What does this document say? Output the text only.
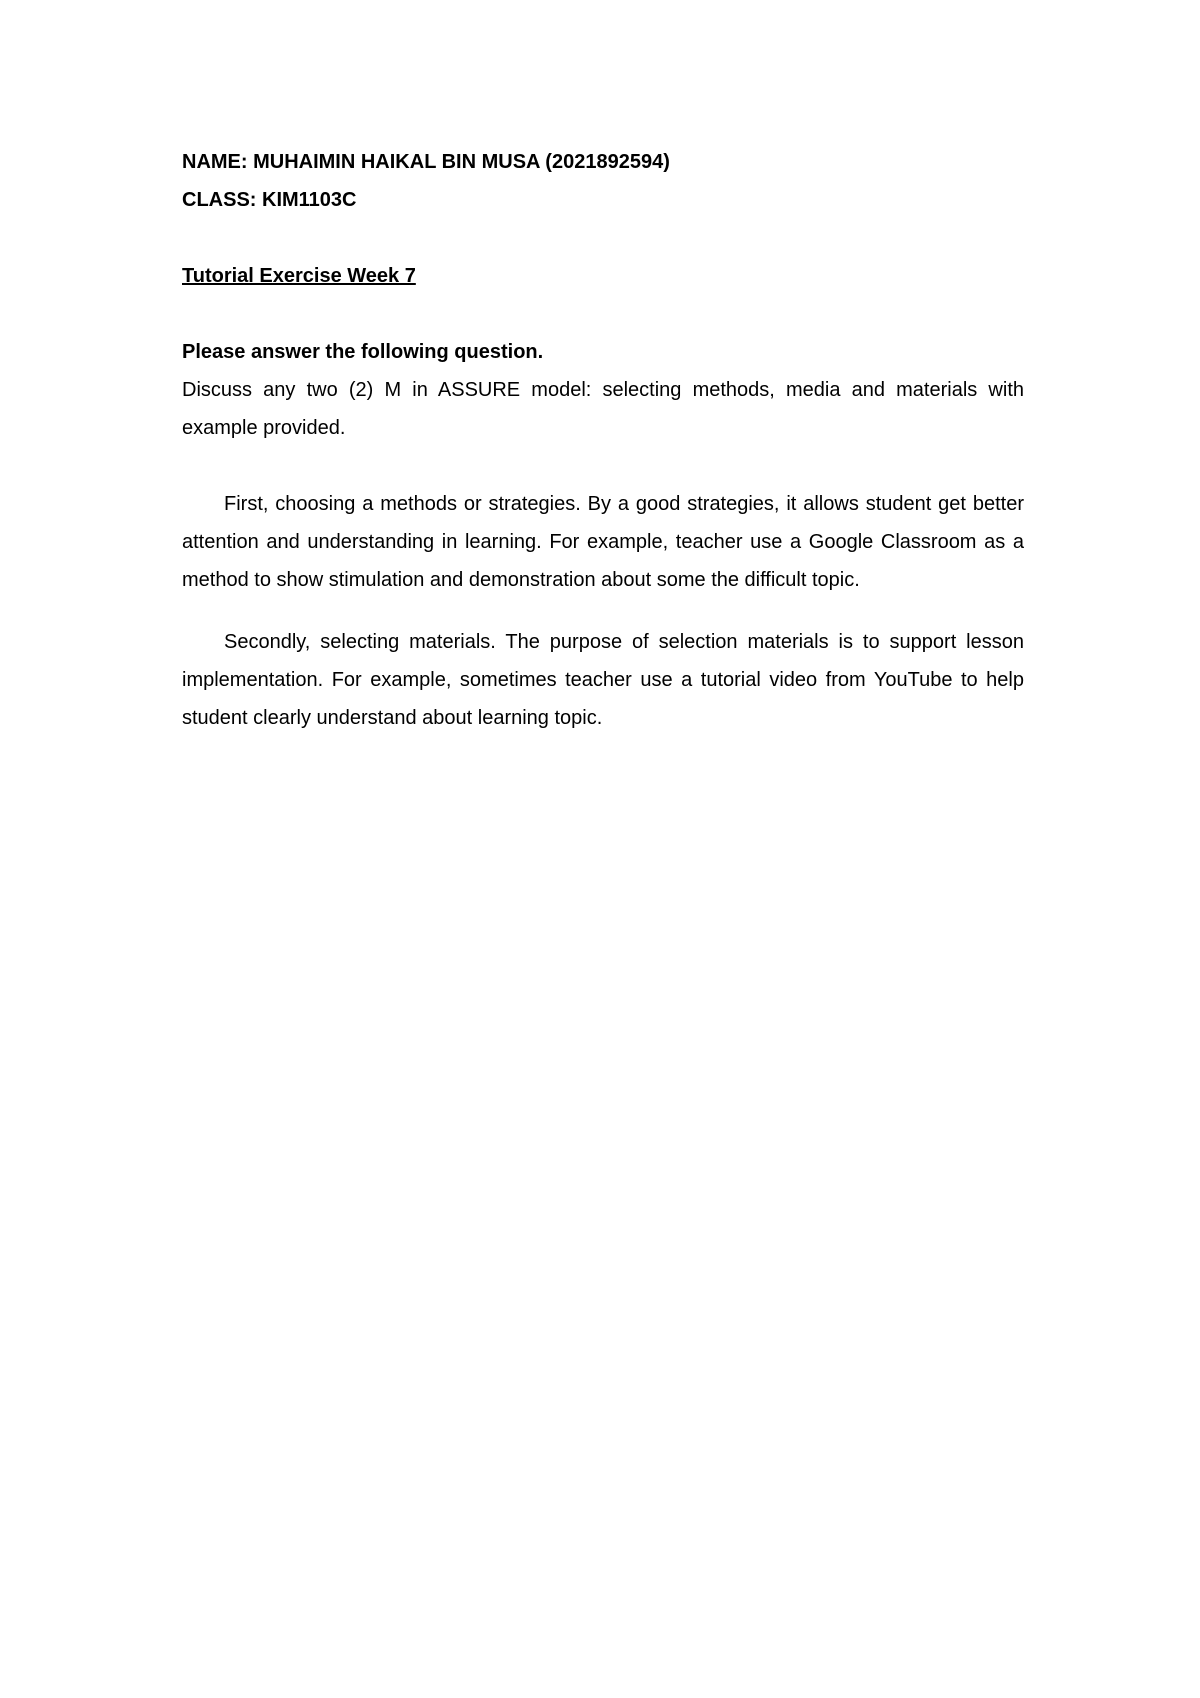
NAME: MUHAIMIN HAIKAL BIN MUSA (2021892594)

CLASS: KIM1103C

Tutorial Exercise Week 7

Please answer the following question.

Discuss any two (2) M in ASSURE model: selecting methods, media and materials with example provided.

First, choosing a methods or strategies. By a good strategies, it allows student get better attention and understanding in learning. For example, teacher use a Google Classroom as a method to show stimulation and demonstration about some the difficult topic.

Secondly, selecting materials. The purpose of selection materials is to support lesson implementation. For example, sometimes teacher use a tutorial video from YouTube to help student clearly understand about learning topic.
